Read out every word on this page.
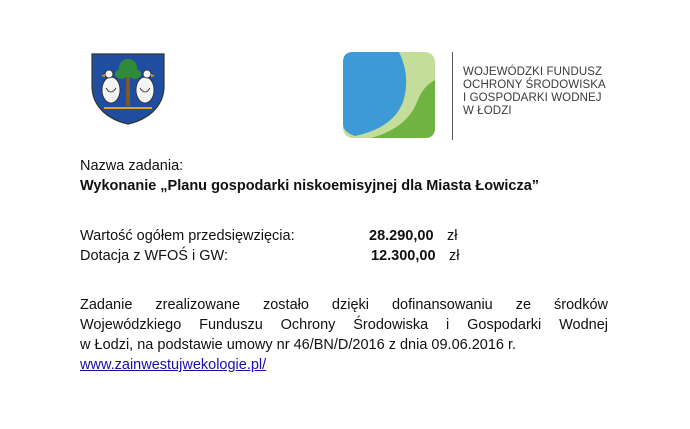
WOJEWÓDZKI FUNDUSZ
OCHRONY ŚRODOWISKA
I GOSPODARKI WODNEJ
W ŁODZI
Nazwa zadania:
Wykonanie „Planu gospodarki niskoemisyjnej dla Miasta Łowicza”
Wartość ogółem przedsięwzięcia:	28.290,00 zł
Dotacja z WFOŚ i GW:	12.300,00 zł
Zadanie zrealizowane zostało dzięki dofinansowaniu ze środków
Wojewódzkiego Funduszu Ochrony Środowiska i Gospodarki Wodnej
w Łodzi, na podstawie umowy nr 46/BN/D/2016 z dnia 09.06.2016 r.
www.zainwestujwekologie.pl/
